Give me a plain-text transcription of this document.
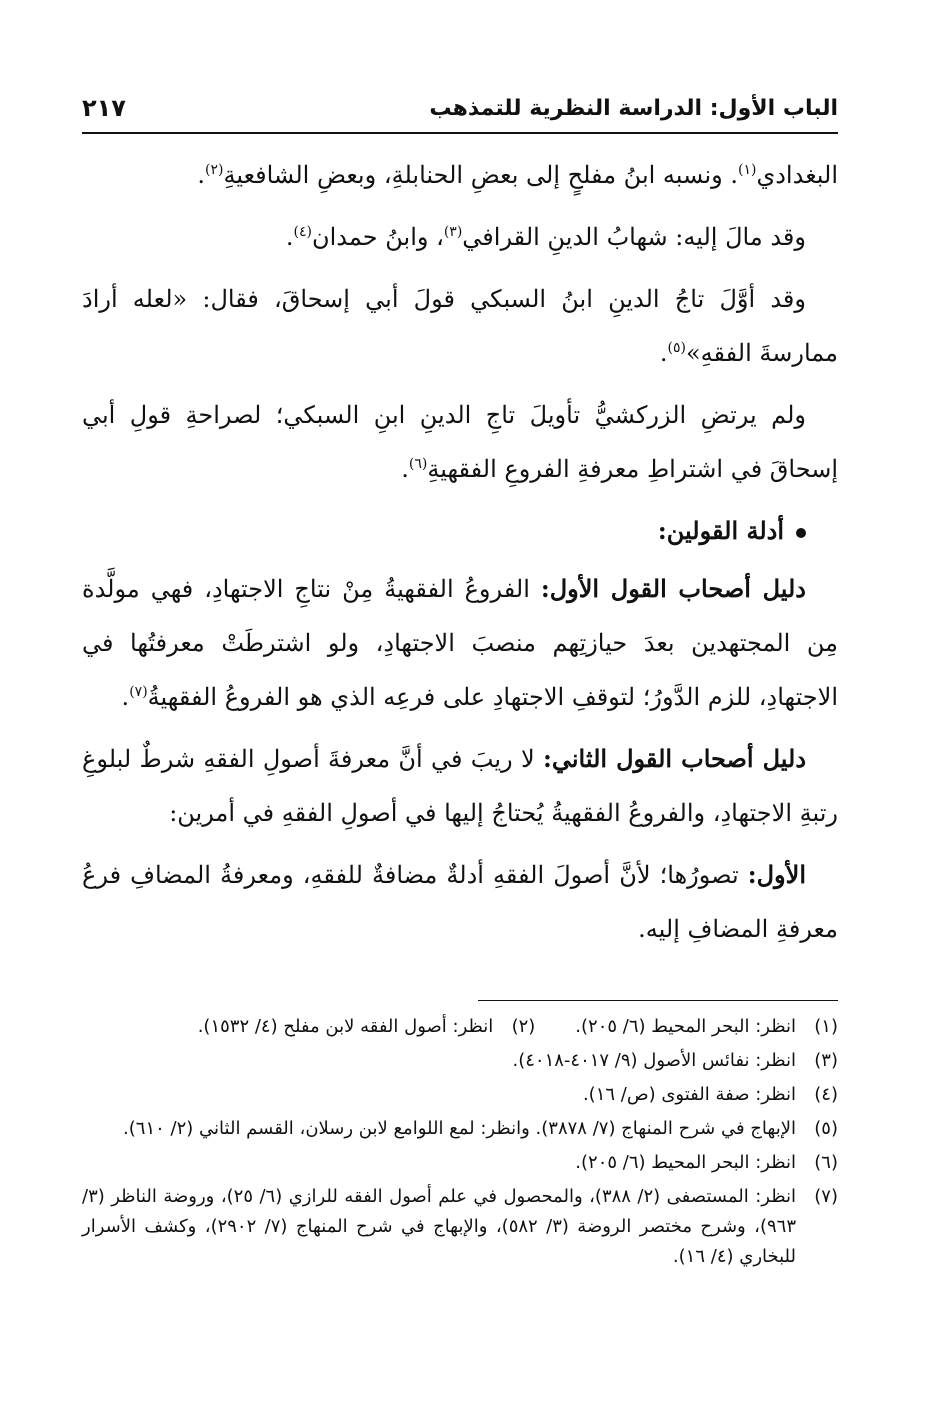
الباب الأول: الدراسة النظرية للتمذهب
٢١٧

البغدادي$^{(١)}$. ونسبه ابنُ مفلحٍ إلى بعضِ الحنابلةِ، وبعضِ الشافعيةِ$^{(٢)}$.

وقد مالَ إليه: شهابُ الدينِ القرافي$^{(٣)}$، وابنُ حمدان$^{(٤)}$.

وقد أوَّلَ تاجُ الدينِ ابنُ السبكي قولَ أبي إسحاقَ، فقال: «لعله أرادَ ممارسةَ الفقهِ»$^{(٥)}$.

ولم يرتضِ الزركشيُّ تأويلَ تاجِ الدينِ ابنِ السبكي؛ لصراحةِ قولِ أبي إسحاقَ في اشتراطِ معرفةِ الفروعِ الفقهيةِ$^{(٦)}$.

أدلة القولين:

دليل أصحاب القول الأول: الفروعُ الفقهيةُ مِنْ نتاجِ الاجتهادِ، فهي مولَّدة مِن المجتهدين بعدَ حيازتِهم منصبَ الاجتهادِ، ولو اشترطَتْ معرفتُها في الاجتهادِ، للزم الدَّورُ؛ لتوقفِ الاجتهادِ على فرعِه الذي هو الفروعُ الفقهيةُ$^{(٧)}$.

دليل أصحاب القول الثاني: لا ريبَ في أنَّ معرفةَ أصولِ الفقهِ شرطٌ لبلوغِ رتبةِ الاجتهادِ، والفروعُ الفقهيةُ يُحتاجُ إليها في أصولِ الفقهِ في أمرين:

الأول: تصورُها؛ لأنَّ أصولَ الفقهِ أدلةٌ مضافةٌ للفقهِ، ومعرفةُ المضافِ فرعُ معرفةِ المضافِ إليه.

(١)
انظر: البحر المحيط (٦/ ٢٠٥).
(٢)
انظر: أصول الفقه لابن مفلح (٤/ ١٥٣٢).
(٣)
انظر: نفائس الأصول (٩/ ٤٠١٧-٤٠١٨).
(٤)
انظر: صفة الفتوى (ص/ ١٦).
(٥)
الإبهاج في شرح المنهاج (٧/ ٣٨٧٨). وانظر: لمع اللوامع لابن رسلان، القسم الثاني (٢/ ٦١٠).
(٦)
انظر: البحر المحيط (٦/ ٢٠٥).
(٧)
انظر: المستصفى (٢/ ٣٨٨)، والمحصول في علم أصول الفقه للرازي (٦/ ٢٥)، وروضة الناظر (٣/ ٩٦٣)، وشرح مختصر الروضة (٣/ ٥٨٢)، والإبهاج في شرح المنهاج (٧/ ٢٩٠٢)، وكشف الأسرار للبخاري (٤/ ١٦).
